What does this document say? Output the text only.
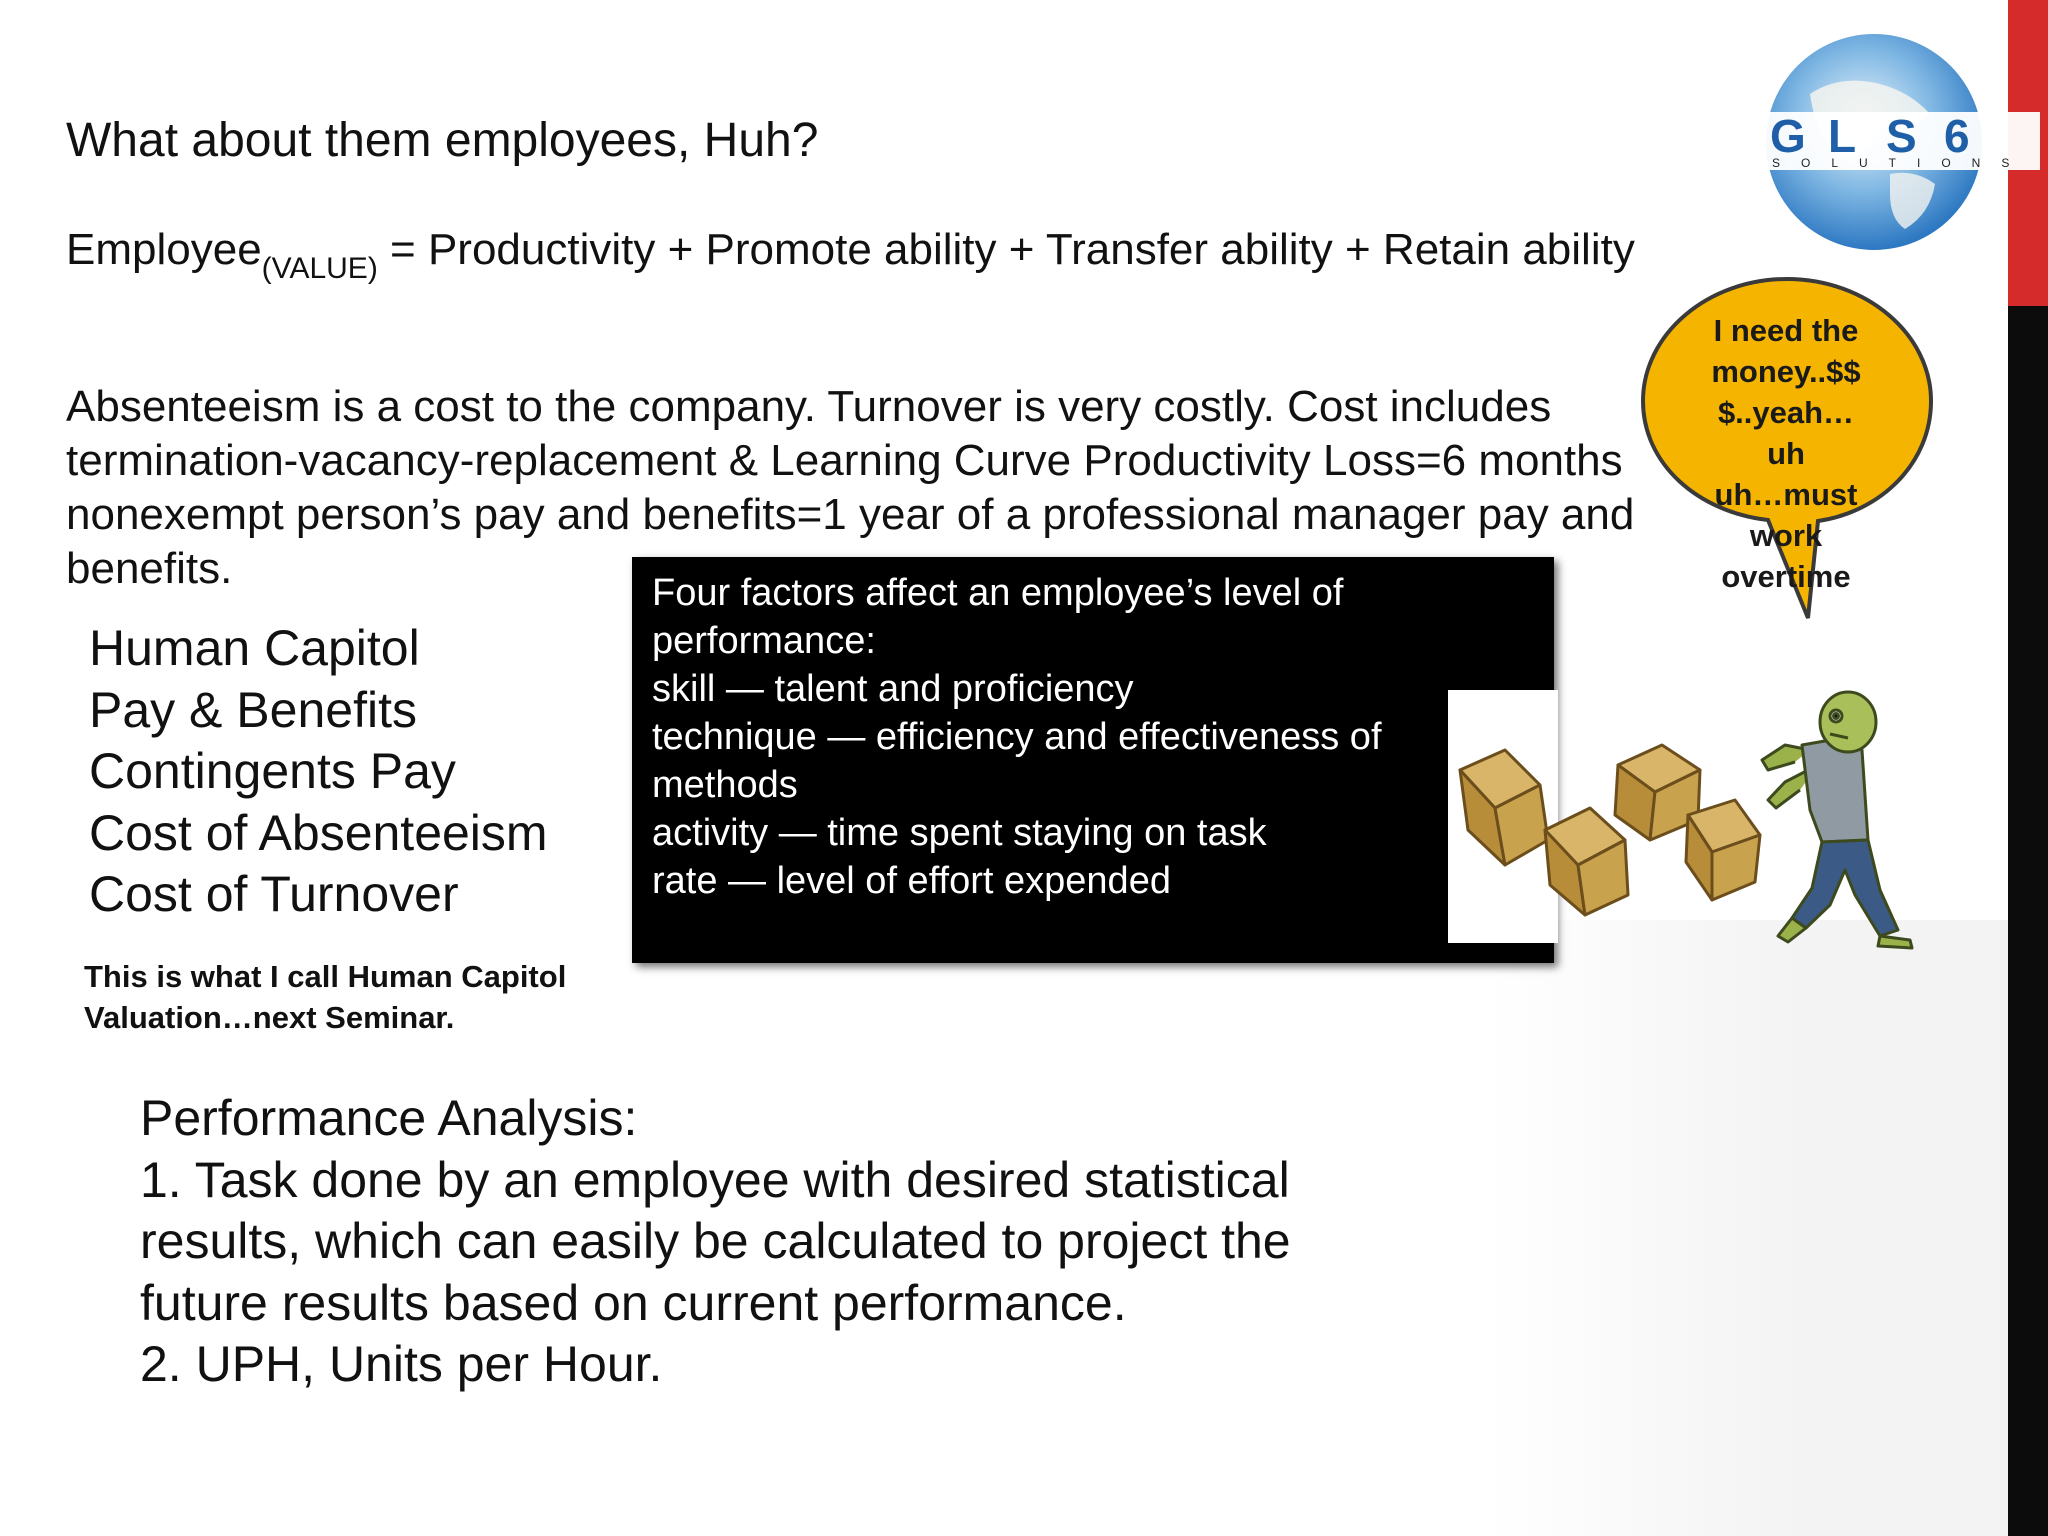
G L S 6
SOLUTIONS
What about them employees, Huh?
Employee$_{(VALUE)}$ = Productivity + Promote ability + Transfer ability + Retain ability
Absenteeism is a cost to the company. Turnover is very costly. Cost includes termination-vacancy-replacement & Learning Curve Productivity Loss=6 months nonexempt person’s pay and benefits=1 year of a professional manager pay and benefits.
Human Capitol
Pay & Benefits
Contingents Pay
Cost of Absenteeism
Cost of Turnover
This is what I call Human Capitol
Valuation…next Seminar.
Four factors affect an employee’s level of
performance:
skill — talent and proficiency
technique — efficiency and effectiveness of
methods
activity — time spent staying on task
rate — level of effort expended
I need the
money..$$
$..yeah…
uh
uh…must
work
overtime
Performance Analysis:
1. Task done by an employee with desired statistical
results, which can easily be calculated to project the
future results based on current performance.
2. UPH, Units per Hour.
